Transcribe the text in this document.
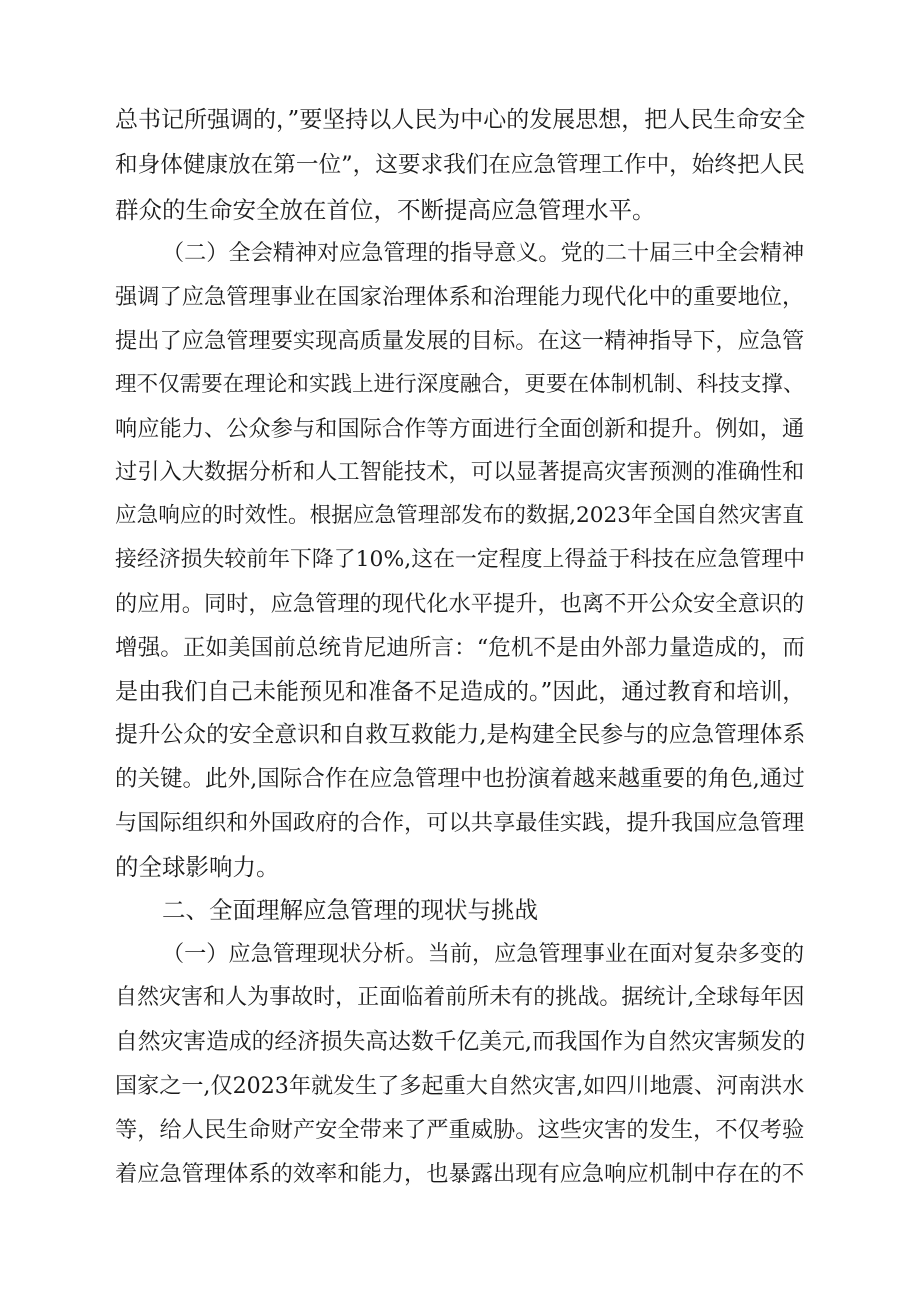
总书记所强调的，”要坚持以人民为中心的发展思想，把人民生命安全
和身体健康放在第一位”，这要求我们在应急管理工作中，始终把人民
群众的生命安全放在首位，不断提高应急管理水平。
（二）全会精神对应急管理的指导意义。党的二十届三中全会精神
强调了应急管理事业在国家治理体系和治理能力现代化中的重要地位，
提出了应急管理要实现高质量发展的目标。在这一精神指导下，应急管
理不仅需要在理论和实践上进行深度融合，更要在体制机制、科技支撑、
响应能力、公众参与和国际合作等方面进行全面创新和提升。例如，通
过引入大数据分析和人工智能技术，可以显著提高灾害预测的准确性和
应急响应的时效性。根据应急管理部发布的数据,2023年全国自然灾害直
接经济损失较前年下降了10%,这在一定程度上得益于科技在应急管理中
的应用。同时，应急管理的现代化水平提升，也离不开公众安全意识的
增强。正如美国前总统肯尼迪所言：“危机不是由外部力量造成的，而
是由我们自己未能预见和准备不足造成的。”因此，通过教育和培训，
提升公众的安全意识和自救互救能力,是构建全民参与的应急管理体系
的关键。此外,国际合作在应急管理中也扮演着越来越重要的角色,通过
与国际组织和外国政府的合作，可以共享最佳实践，提升我国应急管理
的全球影响力。
二、全面理解应急管理的现状与挑战
（一）应急管理现状分析。当前，应急管理事业在面对复杂多变的
自然灾害和人为事故时，正面临着前所未有的挑战。据统计,全球每年因
自然灾害造成的经济损失高达数千亿美元,而我国作为自然灾害频发的
国家之一,仅2023年就发生了多起重大自然灾害,如四川地震、河南洪水
等，给人民生命财产安全带来了严重威胁。这些灾害的发生，不仅考验
着应急管理体系的效率和能力，也暴露出现有应急响应机制中存在的不
